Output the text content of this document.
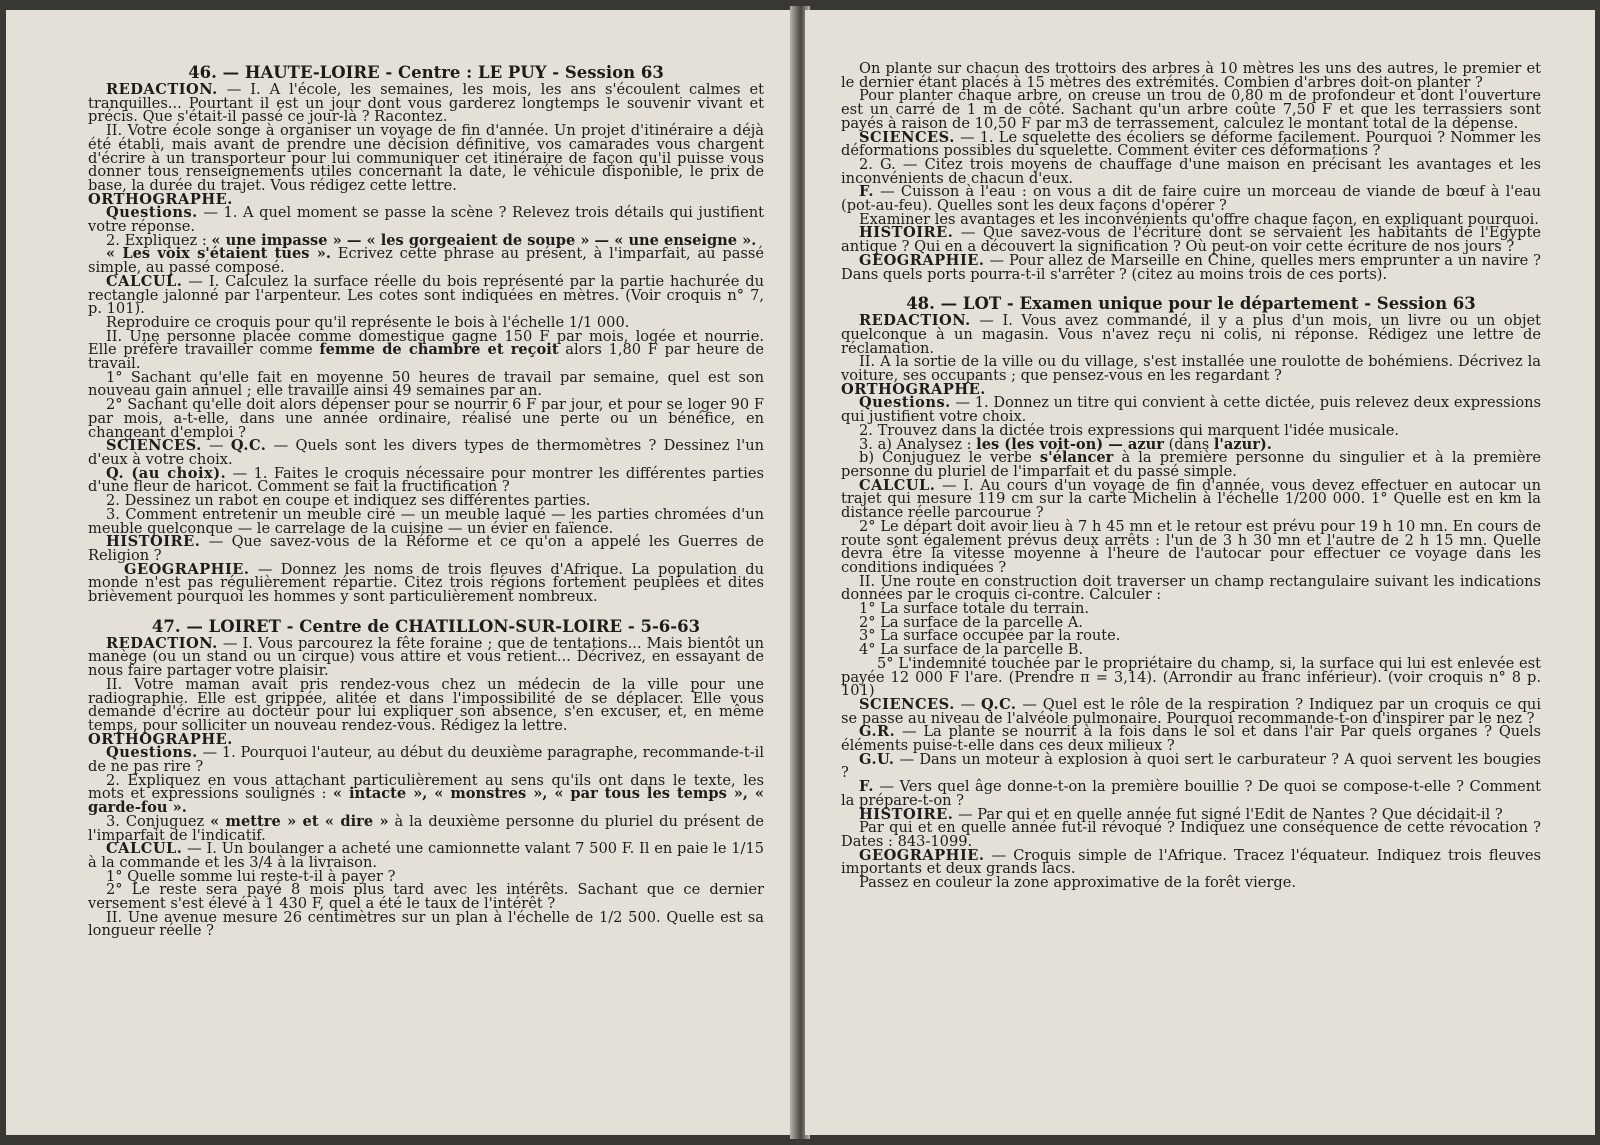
46. — HAUTE-LOIRE - Centre : LE PUY - Session 63

REDACTION. — I. A l'école, les semaines, les mois, les ans s'écoulent calmes et tranquilles... Pourtant il est un jour dont vous garderez longtemps le souvenir vivant et précis. Que s'était-il passé ce jour-là ? Racontez.

II. Votre école songe à organiser un voyage de fin d'année. Un projet d'itinéraire a déjà été établi, mais avant de prendre une décision définitive, vos camarades vous chargent d'écrire à un transporteur pour lui communiquer cet itinéraire de façon qu'il puisse vous donner tous renseignements utiles concernant la date, le véhicule disponible, le prix de base, la durée du trajet. Vous rédigez cette lettre.

ORTHOGRAPHE.

Questions. — 1. A quel moment se passe la scène ? Relevez trois détails qui justifient votre réponse.

2. Expliquez : « une impasse » — « les gorgeaient de soupe » — « une enseigne ».

« Les voix s'étaient tues ». Ecrivez cette phrase au présent, à l'imparfait, au passé simple, au passé composé.

CALCUL. — I. Calculez la surface réelle du bois représenté par la partie hachurée du rectangle jalonné par l'arpenteur. Les cotes sont indiquées en mètres. (Voir croquis n° 7, p. 101).

Reproduire ce croquis pour qu'il représente le bois à l'échelle 1/1 000.

II. Une personne placée comme domestique gagne 150 F par mois, logée et nourrie. Elle préfère travailler comme femme de chambre et reçoit alors 1,80 F par heure de travail.

1° Sachant qu'elle fait en moyenne 50 heures de travail par semaine, quel est son nouveau gain annuel ; elle travaille ainsi 49 semaines par an.

2° Sachant qu'elle doit alors dépenser pour se nourrir 6 F par jour, et pour se loger 90 F par mois, a-t-elle, dans une année ordinaire, réalisé une perte ou un bénéfice, en changeant d'emploi ?

SCIENCES. — Q.C. — Quels sont les divers types de thermomètres ? Dessinez l'un d'eux à votre choix.

Q. (au choix). — 1. Faites le croquis nécessaire pour montrer les différentes parties d'une fleur de haricot. Comment se fait la fructification ?

2. Dessinez un rabot en coupe et indiquez ses différentes parties.

3. Comment entretenir un meuble ciré — un meuble laqué — les parties chromées d'un meuble quelconque — le carrelage de la cuisine — un évier en faïence.

HISTOIRE. — Que savez-vous de la Réforme et ce qu'on a appelé les Guerres de Religion ?

GEOGRAPHIE. — Donnez les noms de trois fleuves d'Afrique. La population du monde n'est pas régulièrement répartie. Citez trois régions fortement peuplées et dites brièvement pourquoi les hommes y sont particulièrement nombreux.

47. — LOIRET - Centre de CHATILLON-SUR-LOIRE - 5-6-63

REDACTION. — I. Vous parcourez la fête foraine ; que de tentations... Mais bientôt un manège (ou un stand ou un cirque) vous attire et vous retient... Décrivez, en essayant de nous faire partager votre plaisir.

II. Votre maman avait pris rendez-vous chez un médecin de la ville pour une radiographie. Elle est grippée, alitée et dans l'impossibilité de se déplacer. Elle vous demande d'écrire au docteur pour lui expliquer son absence, s'en excuser, et, en même temps, pour solliciter un nouveau rendez-vous. Rédigez la lettre.

ORTHOGRAPHE.

Questions. — 1. Pourquoi l'auteur, au début du deuxième paragraphe, recommande-t-il de ne pas rire ?

2. Expliquez en vous attachant particulièrement au sens qu'ils ont dans le texte, les mots et expressions soulignés : « intacte », « monstres », « par tous les temps », « garde-fou ».

3. Conjuguez « mettre » et « dire » à la deuxième personne du pluriel du présent de l'imparfait de l'indicatif.

CALCUL. — I. Un boulanger a acheté une camionnette valant 7 500 F. Il en paie le 1/15 à la commande et les 3/4 à la livraison.

1° Quelle somme lui reste-t-il à payer ?

2° Le reste sera payé 8 mois plus tard avec les intérêts. Sachant que ce dernier versement s'est élevé à 1 430 F, quel a été le taux de l'intérêt ?

II. Une avenue mesure 26 centimètres sur un plan à l'échelle de 1/2 500. Quelle est sa longueur réelle ?

On plante sur chacun des trottoirs des arbres à 10 mètres les uns des autres, le premier et le dernier étant placés à 15 mètres des extrémités. Combien d'arbres doit-on planter ?

Pour planter chaque arbre, on creuse un trou de 0,80 m de profondeur et dont l'ouverture est un carré de 1 m de côté. Sachant qu'un arbre coûte 7,50 F et que les terrassiers sont payés à raison de 10,50 F par m3 de terrassement, calculez le montant total de la dépense.

SCIENCES. — 1. Le squelette des écoliers se déforme facilement. Pourquoi ? Nommer les déformations possibles du squelette. Comment éviter ces déformations ?

2. G. — Citez trois moyens de chauffage d'une maison en précisant les avantages et les inconvénients de chacun d'eux.

F. — Cuisson à l'eau : on vous a dit de faire cuire un morceau de viande de bœuf à l'eau (pot-au-feu). Quelles sont les deux façons d'opérer ?

Examiner les avantages et les inconvénients qu'offre chaque façon, en expliquant pourquoi.

HISTOIRE. — Que savez-vous de l'écriture dont se servaient les habitants de l'Egypte antique ? Qui en a découvert la signification ? Où peut-on voir cette écriture de nos jours ?

GEOGRAPHIE. — Pour allez de Marseille en Chine, quelles mers emprunter a un navire ? Dans quels ports pourra-t-il s'arrêter ? (citez au moins trois de ces ports).

48. — LOT - Examen unique pour le département - Session 63

REDACTION. — I. Vous avez commandé, il y a plus d'un mois, un livre ou un objet quelconque à un magasin. Vous n'avez reçu ni colis, ni réponse. Rédigez une lettre de réclamation.

II. A la sortie de la ville ou du village, s'est installée une roulotte de bohémiens. Décrivez la voiture, ses occupants ; que pensez-vous en les regardant ?

ORTHOGRAPHE.

Questions. — 1. Donnez un titre qui convient à cette dictée, puis relevez deux expressions qui justifient votre choix.

2. Trouvez dans la dictée trois expressions qui marquent l'idée musicale.

3. a) Analysez : les (les voit-on) — azur (dans l'azur).

b) Conjuguez le verbe s'élancer à la première personne du singulier et à la première personne du pluriel de l'imparfait et du passé simple.

CALCUL. — I. Au cours d'un voyage de fin d'année, vous devez effectuer en autocar un trajet qui mesure 119 cm sur la carte Michelin à l'échelle 1/200 000. 1° Quelle est en km la distance réelle parcourue ?

2° Le départ doit avoir lieu à 7 h 45 mn et le retour est prévu pour 19 h 10 mn. En cours de route sont également prévus deux arrêts : l'un de 3 h 30 mn et l'autre de 2 h 15 mn. Quelle devra être la vitesse moyenne à l'heure de l'autocar pour effectuer ce voyage dans les conditions indiquées ?

II. Une route en construction doit traverser un champ rectangulaire suivant les indications données par le croquis ci-contre. Calculer :

1° La surface totale du terrain.

2° La surface de la parcelle A.

3° La surface occupée par la route.

4° La surface de la parcelle B.

5° L'indemnité touchée par le propriétaire du champ, si, la surface qui lui est enlevée est payée 12 000 F l'are. (Prendre π = 3,14). (Arrondir au franc inférieur). (voir croquis n° 8 p. 101)

SCIENCES. — Q.C. — Quel est le rôle de la respiration ? Indiquez par un croquis ce qui se passe au niveau de l'alvéole pulmonaire. Pourquoi recommande-t-on d'inspirer par le nez ?

G.R. — La plante se nourrit à la fois dans le sol et dans l'air Par quels organes ? Quels éléments puise-t-elle dans ces deux milieux ?

G.U. — Dans un moteur à explosion à quoi sert le carburateur ? A quoi servent les bougies ?

F. — Vers quel âge donne-t-on la première bouillie ? De quoi se compose-t-elle ? Comment la prépare-t-on ?

HISTOIRE. — Par qui et en quelle année fut signé l'Edit de Nantes ? Que décidait-il ?

Par qui et en quelle année fut-il révoqué ? Indiquez une conséquence de cette révocation ? Dates : 843-1099.

GEOGRAPHIE. — Croquis simple de l'Afrique. Tracez l'équateur. Indiquez trois fleuves importants et deux grands lacs.

Passez en couleur la zone approximative de la forêt vierge.
